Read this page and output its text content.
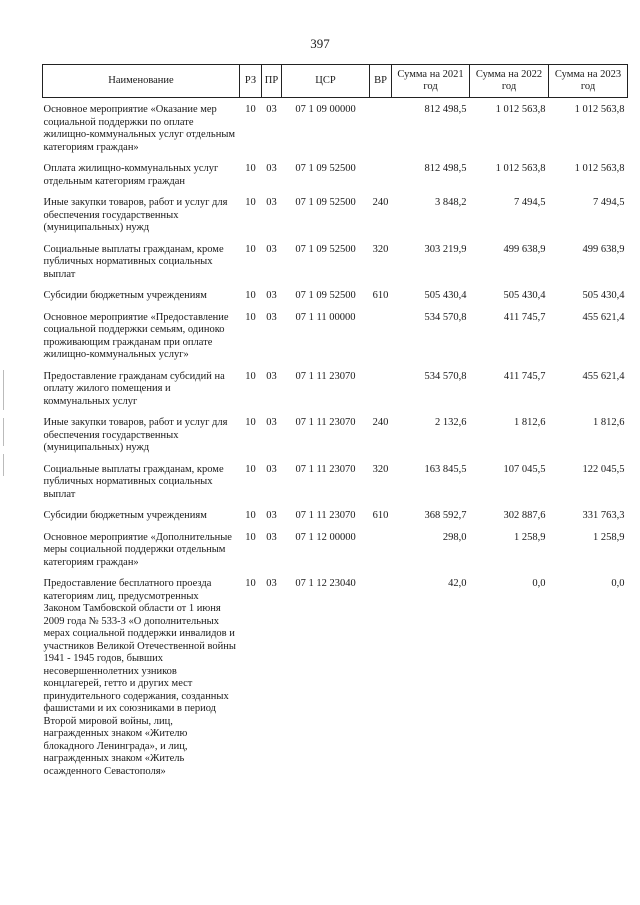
397
Наименование	РЗ	ПР	ЦСР	ВР	Сумма на 2021 год	Сумма на 2022 год	Сумма на 2023 год
Основное мероприятие «Оказание мер социальной поддержки по оплате жилищно-коммунальных услуг отдельным категориям граждан»	10	03	07 1 09 00000		812 498,5	1 012 563,8	1 012 563,8
Оплата жилищно-коммунальных услуг отдельным категориям граждан	10	03	07 1 09 52500		812 498,5	1 012 563,8	1 012 563,8
Иные закупки товаров, работ и услуг для обеспечения государственных (муниципальных) нужд	10	03	07 1 09 52500	240	3 848,2	7 494,5	7 494,5
Социальные выплаты гражданам, кроме публичных нормативных социальных выплат	10	03	07 1 09 52500	320	303 219,9	499 638,9	499 638,9
Субсидии бюджетным учреждениям	10	03	07 1 09 52500	610	505 430,4	505 430,4	505 430,4
Основное мероприятие «Предоставление социальной поддержки семьям, одиноко проживающим гражданам при оплате жилищно-коммунальных услуг»	10	03	07 1 11 00000		534 570,8	411 745,7	455 621,4
Предоставление гражданам субсидий на оплату жилого помещения и коммунальных услуг	10	03	07 1 11 23070		534 570,8	411 745,7	455 621,4
Иные закупки товаров, работ и услуг для обеспечения государственных (муниципальных) нужд	10	03	07 1 11 23070	240	2 132,6	1 812,6	1 812,6
Социальные выплаты гражданам, кроме публичных нормативных социальных выплат	10	03	07 1 11 23070	320	163 845,5	107 045,5	122 045,5
Субсидии бюджетным учреждениям	10	03	07 1 11 23070	610	368 592,7	302 887,6	331 763,3
Основное мероприятие «Дополнительные меры социальной поддержки отдельным категориям граждан»	10	03	07 1 12 00000		298,0	1 258,9	1 258,9
Предоставление бесплатного проезда категориям лиц, предусмотренных Законом Тамбовской области от 1 июня 2009 года № 533-З «О дополнительных мерах социальной поддержки инвалидов и участников Великой Отечественной войны 1941 - 1945 годов, бывших несовершеннолетних узников концлагерей, гетто и других мест принудительного содержания, созданных фашистами и их союзниками в период Второй мировой войны, лиц, награжденных знаком «Жителю блокадного Ленинграда», и лиц, награжденных знаком «Житель осажденного Севастополя»	10	03	07 1 12 23040		42,0	0,0	0,0
